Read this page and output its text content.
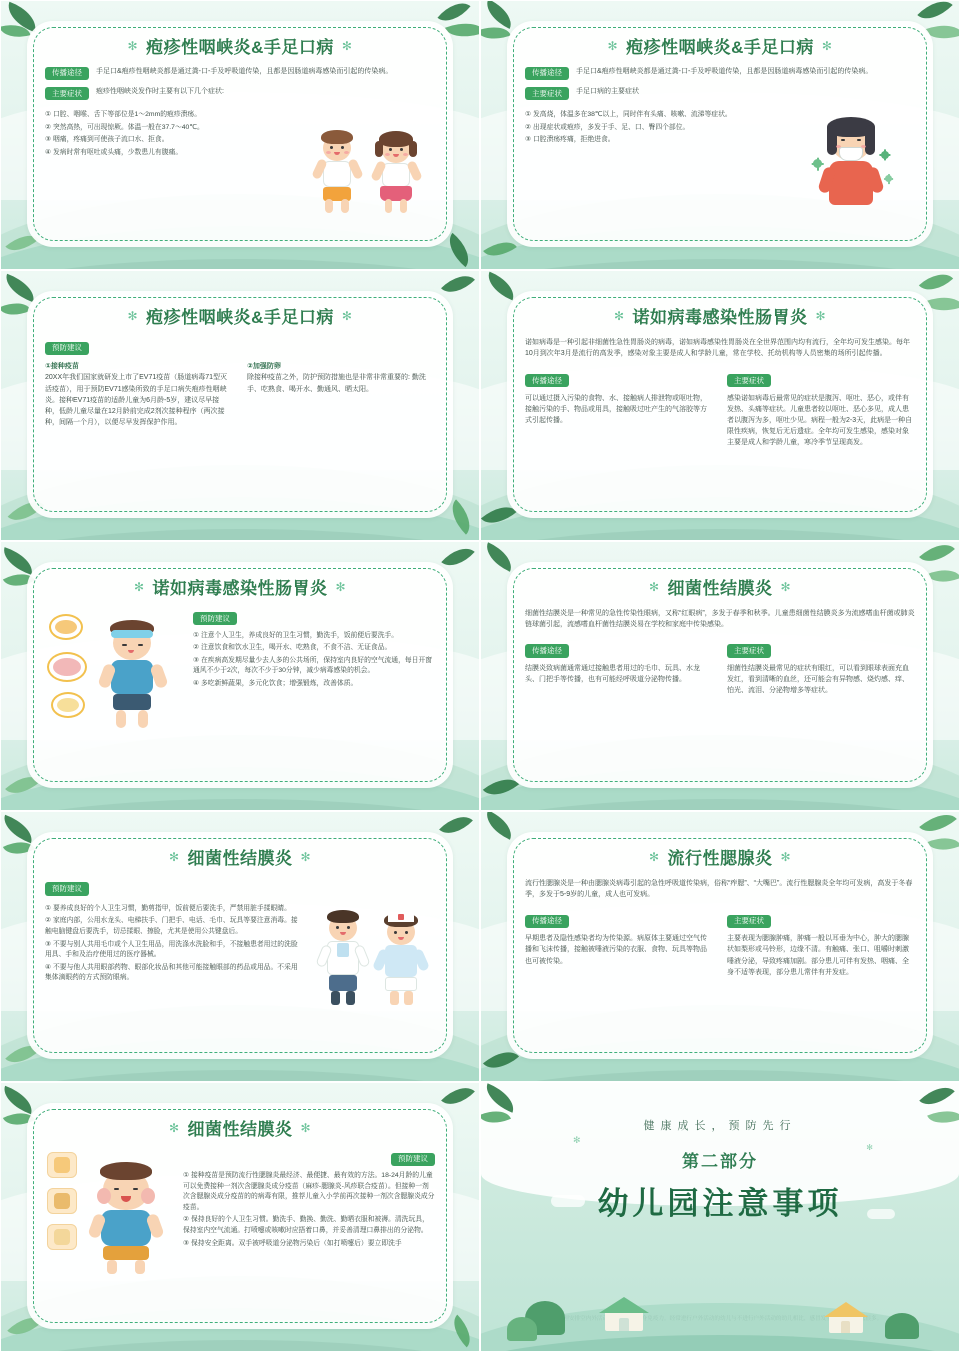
✻ 疱疹性咽峡炎&手足口病 ✻
传播途径	手足口&疱疹性咽峡炎都是通过粪-口-手及呼吸道传染，且都是因肠道病毒感染而引起的传染病。
主要症状	疱疹性咽峡炎发作时主要有以下几个症状:
① 口腔、咽喉、舌下等部位是1～2mm的疱疹溃疡。
② 突然高热，可出现惊厥。体温一般在37.7～40℃。
③ 咽痛，疼痛到可使孩子流口水、拒食。
④ 发病时常有呕吐或头痛，少数患儿有腹痛。
✻ 疱疹性咽峡炎&手足口病 ✻
传播途径	手足口&疱疹性咽峡炎都是通过粪-口-手及呼吸道传染，且都是因肠道病毒感染而引起的传染病。
主要症状	手足口病的主要症状
① 发高烧，体温多在38℃以上，同时伴有头痛、咳嗽、流涕等症状。
② 出现症状或疱疹，多发于手、足、口、臀四个部位。
③ 口腔溃疡疼痛，拒绝进食。
✻ 疱疹性咽峡炎&手足口病 ✻
预防建议
①接种疫苗
20XX年我们国家就研发上市了EV71疫苗（肠道病毒71型灭活疫苗），用于预防EV71感染所致的手足口病失疱疹性咽峡炎。接种EV71疫苗的适龄儿童为6月龄-5岁，建议尽早接种，低龄儿童尽量在12月龄前完成2剂次接种程序（两次接种，间隔一个月），以便尽早发挥保护作用。
②加强防卵
除接种疫苗之外，防护预防措施也是非常非常重要的: 勤洗手、吃熟食、喝开水、勤通风、晒太阳。
✻ 诺如病毒感染性肠胃炎 ✻
诺如病毒是一种引起非细菌性急性胃肠炎的病毒，诺如病毒感染性胃肠炎在全世界范围内均有流行，全年均可发生感染。每年10月到次年3月是流行的高发季，感染对象主要是成人和学龄儿童，常在学校、托幼机构等人员密集的场所引起传播。
传播途径
可以通过摄入污染的食物、水、接触病人排泄物或呕吐物，接触污染的手、物品或用具，接触吸过吐产生的气溶胶等方式引起传播。
主要症状
感染诺如病毒后最常见的症状是腹泻、呕吐、恶心，或伴有发热、头痛等症状。儿童患者较以呕吐、恶心多见，成人患者以腹泻为多，呕吐少见。病程一般为2-3天，此病是一种自限性疾病，恢复后无后遗症。全年均可发生感染，感染对象主要是成人和学龄儿童，寒冷季节呈现高发。
✻ 诺如病毒感染性肠胃炎 ✻
预防建议
① 注意个人卫生，养成良好的卫生习惯，勤洗手，饭前便后要洗手。
② 注意饮食和饮水卫生，喝开水、吃熟食，不食不洁、无证食品。
③ 在疾病高发期尽量少去人多的公共场所，保持室内良好的空气流通，每日开窗通风不少于2次，每次不少于30分钟，减少病毒感染的机会。
④ 多吃新鲜蔬果，多元化饮食；增强锻炼，改善体质。
✻ 细菌性结膜炎 ✻
细菌性结膜炎是一种常见的急性传染性眼病，又称“红眼病”，多发于春季和秋季。儿童患细菌性结膜炎多为流感嗜血杆菌或肺炎链球菌引起，流感嗜血杆菌性结膜炎易在学校和家庭中传染感染。
传播途径
结膜炎致病菌通常通过接触患者用过的毛巾、玩具、水龙头、门把手等传播，也有可能经呼吸道分泌物传播。
主要症状
细菌性结膜炎最常见的症状有眼红，可以看到眼球表面充血发红，看到清晰的血丝，还可能会有异物感、烧灼感、痒、怕光、流泪、分泌物增多等症状。
✻ 细菌性结膜炎 ✻
预防建议
① 要养成良好的个人卫生习惯，勤剪指甲，饭前便后要洗手，严禁用脏手揉眼睛。
② 家庭内部，公用水龙头、电梯扶手、门把手、电话、毛巾、玩具等要注意消毒。接触电脑键盘后要洗手，切忌揉眼、擦脸，尤其是使用公共键盘后。
③ 不要与别人共用毛巾或个人卫生用品，用洗涤水洗脸和手，不接触患者用过的洗脸用具、手和及治疗使用过的医疗器械。
④ 不要与他人共用眼部药物、眼部化妆品和其他可能接触眼部的药品或用品。不采用集体滴眼药的方式预防眼病。
✻ 流行性腮腺炎 ✻
流行性腮腺炎是一种由腮腺炎病毒引起的急性呼吸道传染病，俗称“痄腮”、“大嘴巴”。流行性腮腺炎全年均可发病，高发于冬春季，多发于5-9岁的儿童，成人也可发病。
传播途径
早期患者及隐性感染者均为传染源。病原体主要通过空气传播和飞沫传播，接触被唾液污染的衣服、食物、玩具等物品也可被传染。
主要症状
主要表现为腮腺肿痛，肿痛一般以耳垂为中心，肿大的腮腺状如梨形或马铃形，边缘不清。有触痛、张口、咀嚼时刺激唾液分泌，导致疼痛加剧。部分患儿可伴有发热、咽痛、全身不适等表现，部分患儿常伴有并发症。
✻ 细菌性结膜炎 ✻
预防建议
① 接种疫苗是预防流行性腮腺炎最经济、最便捷、最有效的方法。18-24月龄的儿童可以免费接种一剂次含腮腺炎成分疫苗（麻疹-腮腺炎-风疹联合疫苗）。但接种一剂次含腮腺炎成分疫苗的的病毒有限，推荐儿童入小学前再次接种一剂次含腮腺炎成分疫苗。
② 保持良好的个人卫生习惯。勤洗手、勤换、勤洗、勤晒衣服和被褥。清洗玩具，保持室内空气流通。打喷嚏或咳嗽时应捂着口鼻，并妥善清理口鼻排出的分泌物。
③ 保持安全距离。双手被呼吸道分泌物污染后（如打喷嚏后）要立即洗手
健康成长，预防先行
第二部分
幼儿园注意事项
✻
✻
